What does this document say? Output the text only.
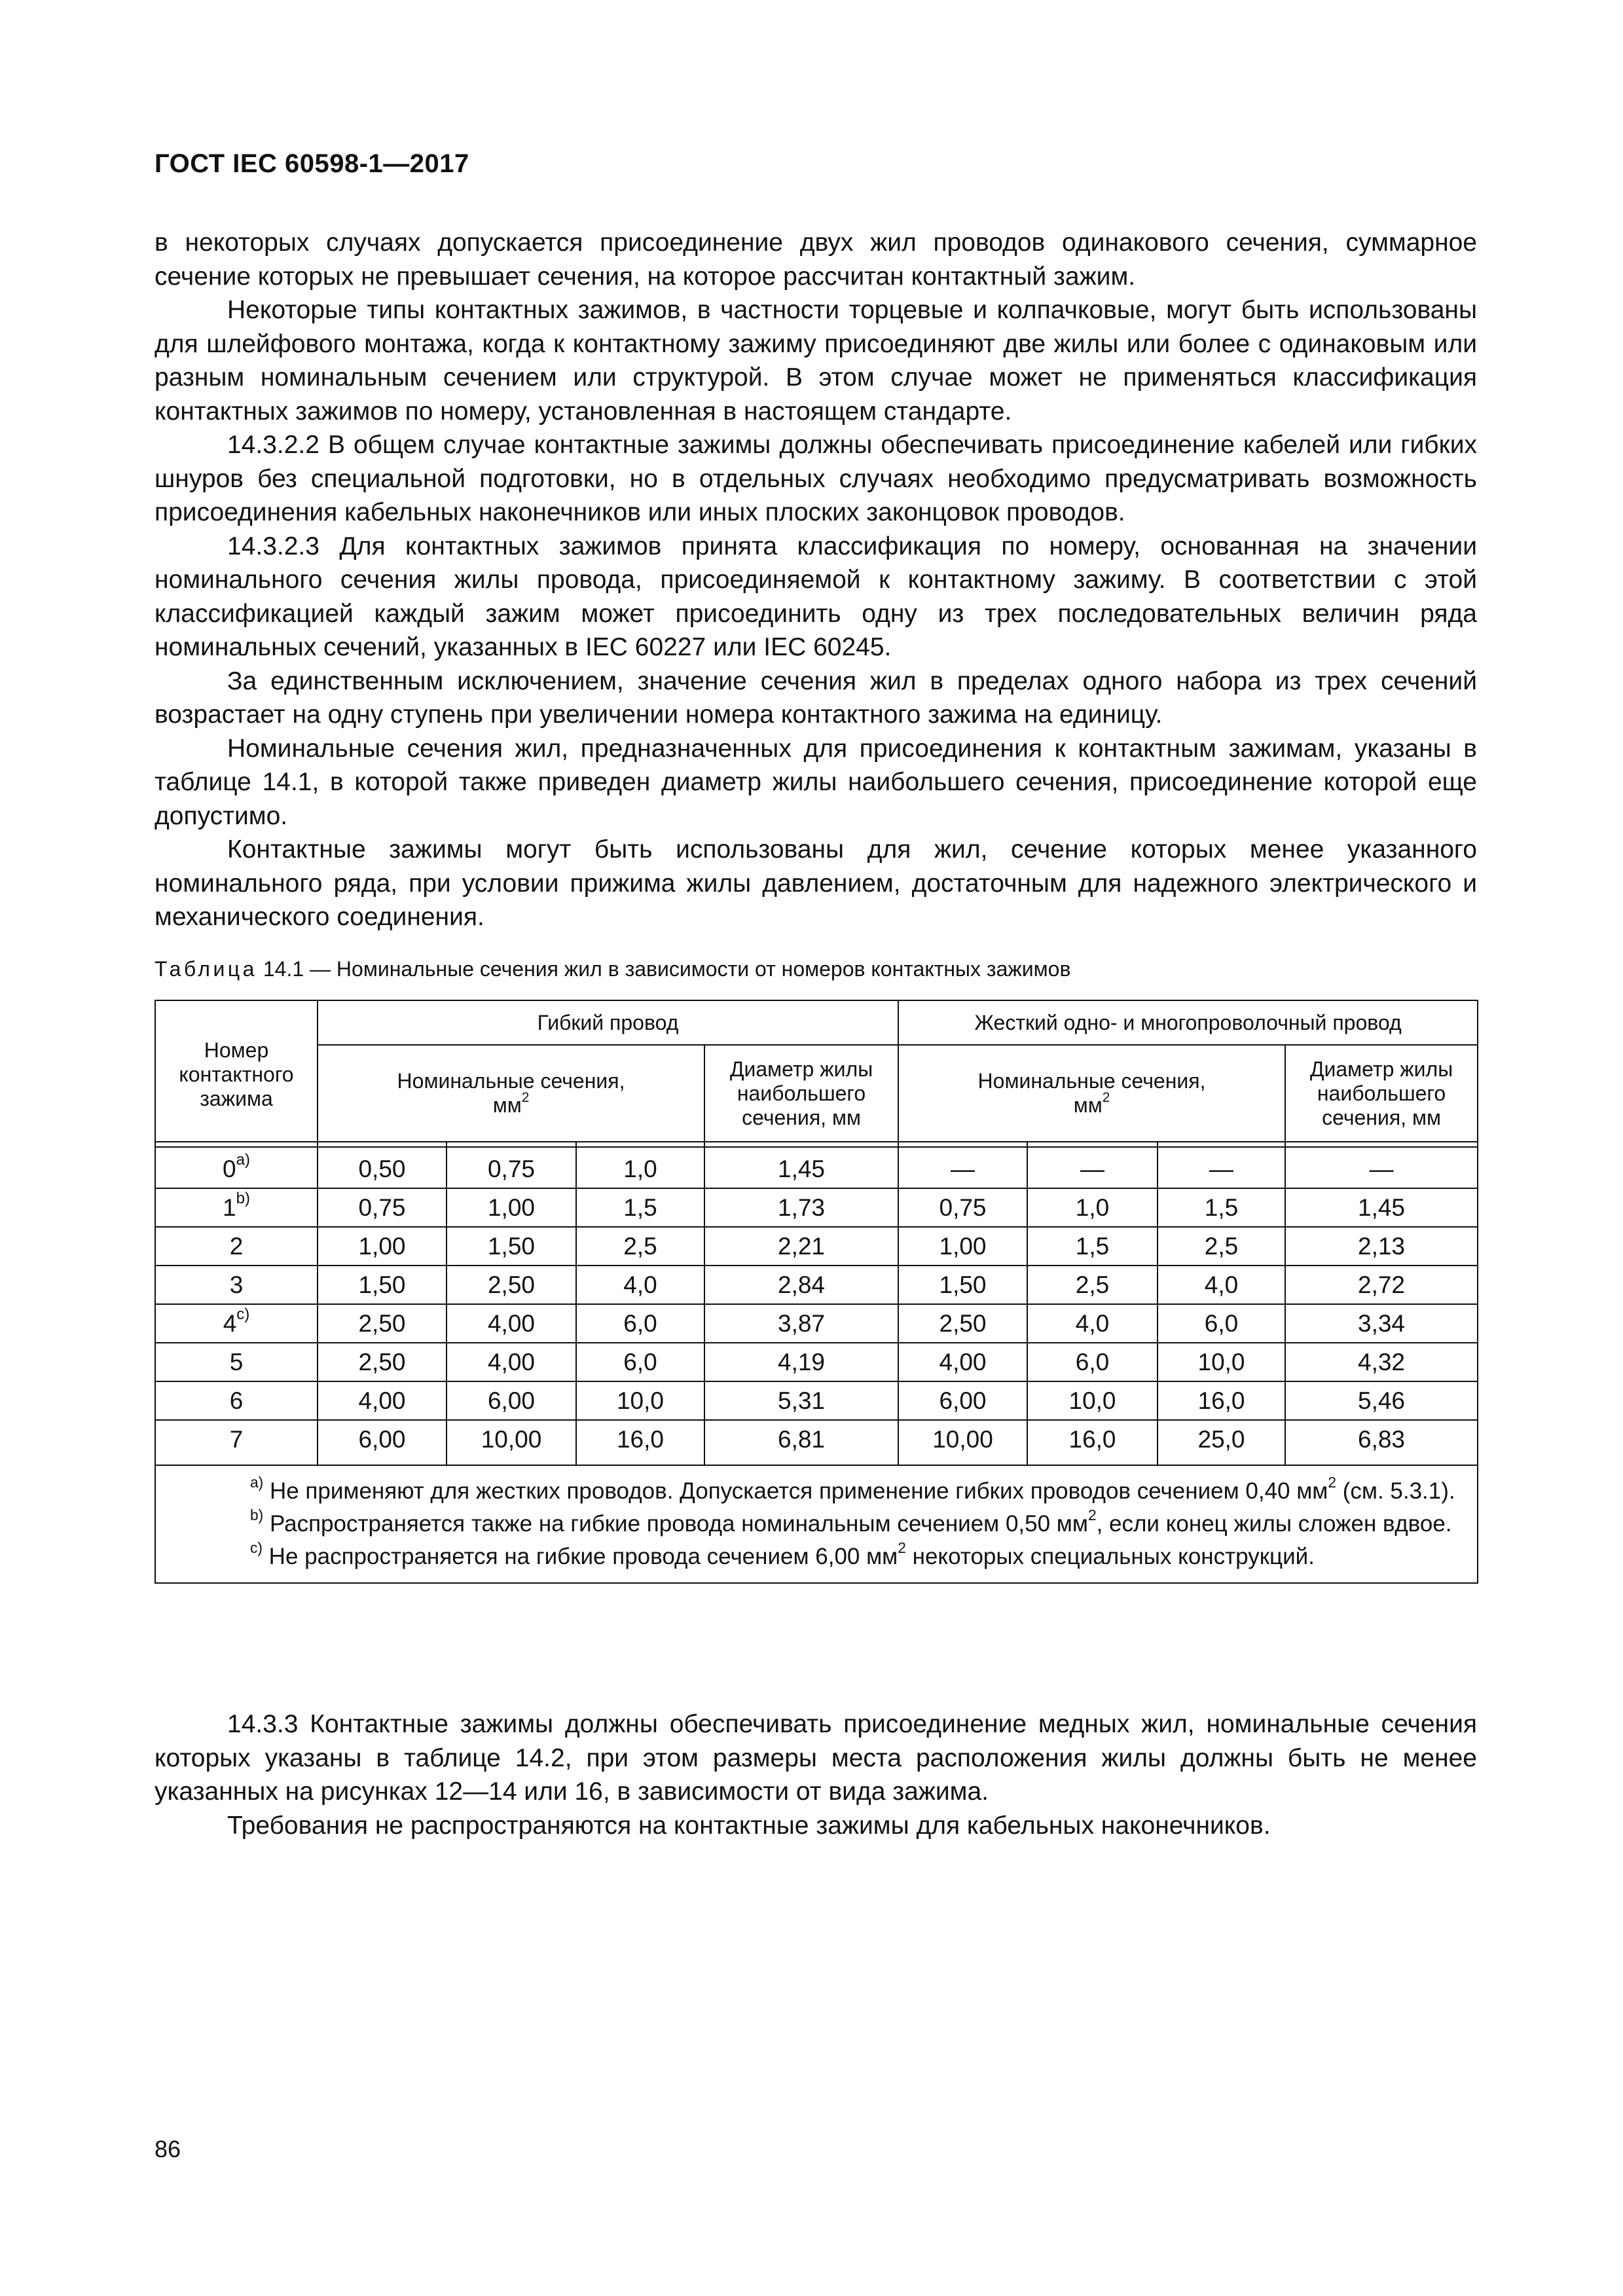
ГОСТ IEC 60598-1—2017

в некоторых случаях допускается присоединение двух жил проводов одинакового сечения, суммарное сечение которых не превышает сечения, на которое рассчитан контактный зажим.

Некоторые типы контактных зажимов, в частности торцевые и колпачковые, могут быть использованы для шлейфового монтажа, когда к контактному зажиму присоединяют две жилы или более с одинаковым или разным номинальным сечением или структурой. В этом случае может не применяться классификация контактных зажимов по номеру, установленная в настоящем стандарте.

14.3.2.2 В общем случае контактные зажимы должны обеспечивать присоединение кабелей или гибких шнуров без специальной подготовки, но в отдельных случаях необходимо предусматривать возможность присоединения кабельных наконечников или иных плоских законцовок проводов.

14.3.2.3 Для контактных зажимов принята классификация по номеру, основанная на значении номинального сечения жилы провода, присоединяемой к контактному зажиму. В соответствии с этой классификацией каждый зажим может присоединить одну из трех последовательных величин ряда номинальных сечений, указанных в IEC 60227 или IEC 60245.

За единственным исключением, значение сечения жил в пределах одного набора из трех сечений возрастает на одну ступень при увеличении номера контактного зажима на единицу.

Номинальные сечения жил, предназначенных для присоединения к контактным зажимам, указаны в таблице 14.1, в которой также приведен диаметр жилы наибольшего сечения, присоединение которой еще допустимо.

Контактные зажимы могут быть использованы для жил, сечение которых менее указанного номинального ряда, при условии прижима жилы давлением, достаточным для надежного электрического и механического соединения.

Таблица 14.1 — Номинальные сечения жил в зависимости от номеров контактных зажимов
Номер контактного зажима	Гибкий провод				Жесткий одно- и многопроволочный провод			
	Номинальные сечения,
$мм^2$			Диаметр жилы наибольшего сечения, мм	Номинальные сечения,
$мм^2$			Диаметр жилы наибольшего сечения, мм

0$^{a)}$	0,50	0,75	1,0	1,45	—	—	—	—
1$^{b)}$	0,75	1,00	1,5	1,73	0,75	1,0	1,5	1,45
2	1,00	1,50	2,5	2,21	1,00	1,5	2,5	2,13
3	1,50	2,50	4,0	2,84	1,50	2,5	4,0	2,72
4$^{c)}$	2,50	4,00	6,0	3,87	2,50	4,0	6,0	3,34
5	2,50	4,00	6,0	4,19	4,00	6,0	10,0	4,32
6	4,00	6,00	10,0	5,31	6,00	10,0	16,0	5,46
7	6,00	10,00	16,0	6,81	10,00	16,0	25,0	6,83

$^{a)}$ Не применяют для жестких проводов. Допускается применение гибких проводов сечением 0,40 $мм^2$ (см. 5.3.1).

$^{b)}$ Распространяется также на гибкие провода номинальным сечением 0,50 $мм^2$, если конец жилы сложен вдвое.

$^{c)}$ Не распространяется на гибкие провода сечением 6,00 $мм^2$ некоторых специальных конструкций.								

14.3.3 Контактные зажимы должны обеспечивать присоединение медных жил, номинальные сечения которых указаны в таблице 14.2, при этом размеры места расположения жилы должны быть не менее указанных на рисунках 12—14 или 16, в зависимости от вида зажима.

Требования не распространяются на контактные зажимы для кабельных наконечников.

86
